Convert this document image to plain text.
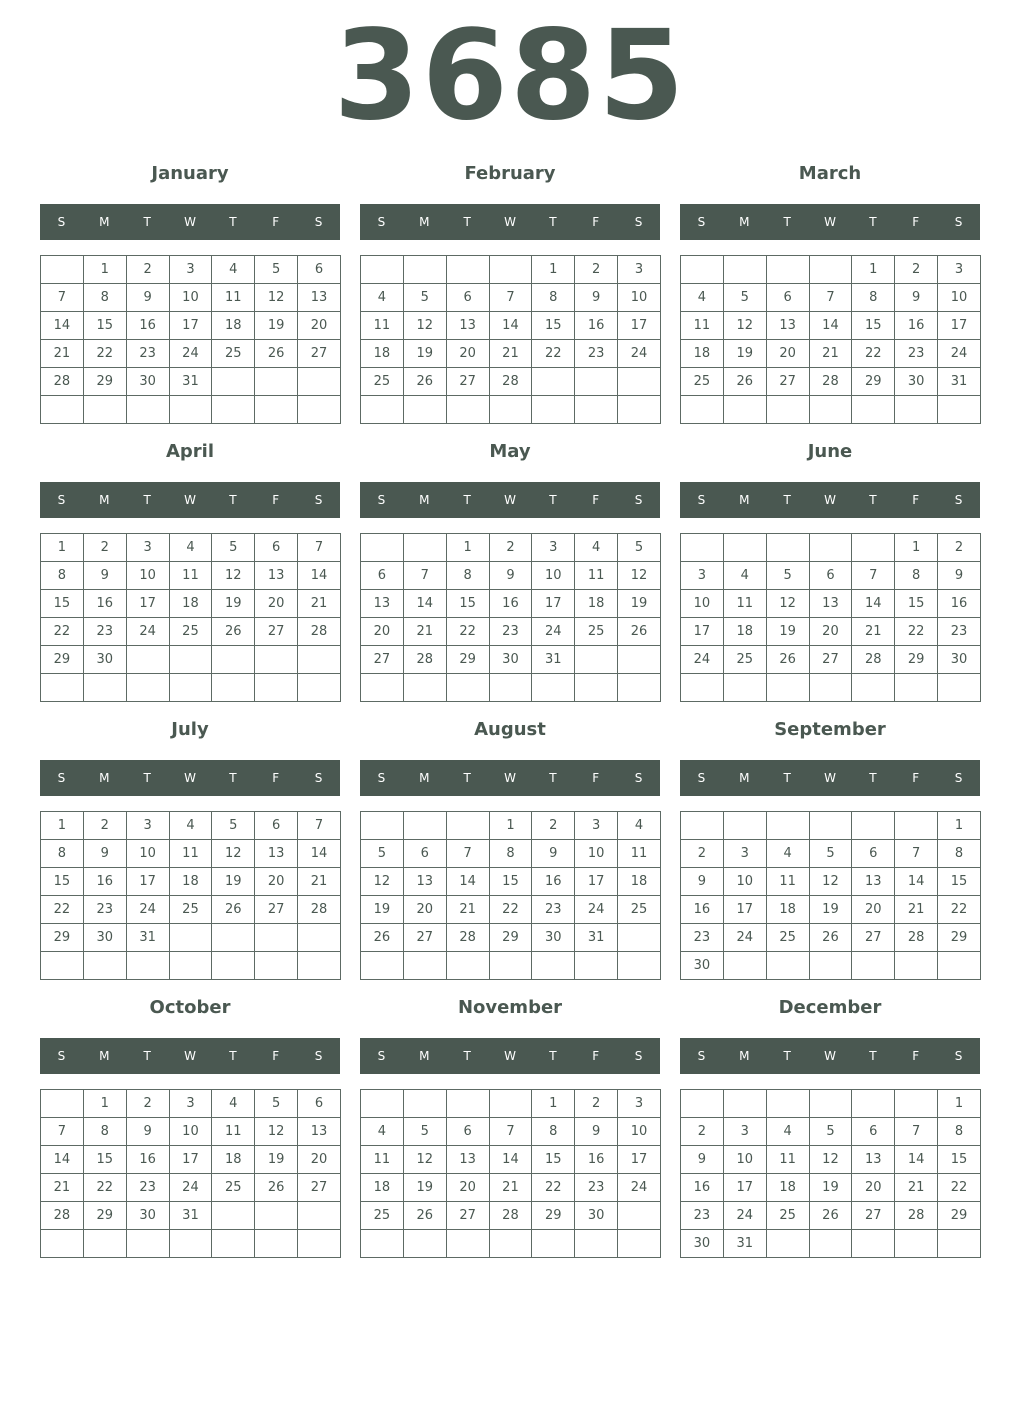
3685
January
S	M	T	W	T	F	S
	1	2	3	4	5	6
7	8	9	10	11	12	13
14	15	16	17	18	19	20
21	22	23	24	25	26	27
28	29	30	31			

February
S	M	T	W	T	F	S
				1	2	3
4	5	6	7	8	9	10
11	12	13	14	15	16	17
18	19	20	21	22	23	24
25	26	27	28			

March
S	M	T	W	T	F	S
				1	2	3
4	5	6	7	8	9	10
11	12	13	14	15	16	17
18	19	20	21	22	23	24
25	26	27	28	29	30	31

April
S	M	T	W	T	F	S
1	2	3	4	5	6	7
8	9	10	11	12	13	14
15	16	17	18	19	20	21
22	23	24	25	26	27	28
29	30					

May
S	M	T	W	T	F	S
		1	2	3	4	5
6	7	8	9	10	11	12
13	14	15	16	17	18	19
20	21	22	23	24	25	26
27	28	29	30	31		

June
S	M	T	W	T	F	S
					1	2
3	4	5	6	7	8	9
10	11	12	13	14	15	16
17	18	19	20	21	22	23
24	25	26	27	28	29	30

July
S	M	T	W	T	F	S
1	2	3	4	5	6	7
8	9	10	11	12	13	14
15	16	17	18	19	20	21
22	23	24	25	26	27	28
29	30	31				

August
S	M	T	W	T	F	S
			1	2	3	4
5	6	7	8	9	10	11
12	13	14	15	16	17	18
19	20	21	22	23	24	25
26	27	28	29	30	31	

September
S	M	T	W	T	F	S
						1
2	3	4	5	6	7	8
9	10	11	12	13	14	15
16	17	18	19	20	21	22
23	24	25	26	27	28	29
30						
October
S	M	T	W	T	F	S
	1	2	3	4	5	6
7	8	9	10	11	12	13
14	15	16	17	18	19	20
21	22	23	24	25	26	27
28	29	30	31			

November
S	M	T	W	T	F	S
				1	2	3
4	5	6	7	8	9	10
11	12	13	14	15	16	17
18	19	20	21	22	23	24
25	26	27	28	29	30	

December
S	M	T	W	T	F	S
						1
2	3	4	5	6	7	8
9	10	11	12	13	14	15
16	17	18	19	20	21	22
23	24	25	26	27	28	29
30	31					
